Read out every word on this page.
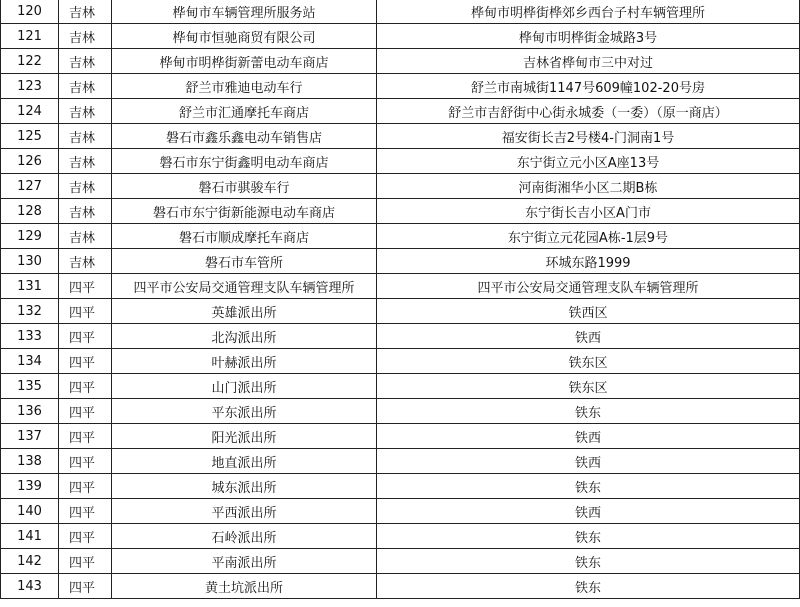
120	吉林	桦甸市车辆管理所服务站	桦甸市明桦街桦郊乡西台子村车辆管理所
121	吉林	桦甸市恒驰商贸有限公司	桦甸市明桦街金城路3号
122	吉林	桦甸市明桦街新蕾电动车商店	吉林省桦甸市三中对过
123	吉林	舒兰市雅迪电动车行	舒兰市南城街1147号609幢102-20号房
124	吉林	舒兰市汇通摩托车商店	舒兰市吉舒街中心街永城委（一委）（原一商店）
125	吉林	磐石市鑫乐鑫电动车销售店	福安街长吉2号楼4-门洞南1号
126	吉林	磐石市东宁街鑫明电动车商店	东宁街立元小区A座13号
127	吉林	磐石市骐骏车行	河南街湘华小区二期B栋
128	吉林	磐石市东宁街新能源电动车商店	东宁街长吉小区A门市
129	吉林	磐石市顺成摩托车商店	东宁街立元花园A栋-1层9号
130	吉林	磐石市车管所	环城东路1999
131	四平	四平市公安局交通管理支队车辆管理所	四平市公安局交通管理支队车辆管理所
132	四平	英雄派出所	铁西区
133	四平	北沟派出所	铁西
134	四平	叶赫派出所	铁东区
135	四平	山门派出所	铁东区
136	四平	平东派出所	铁东
137	四平	阳光派出所	铁西
138	四平	地直派出所	铁西
139	四平	城东派出所	铁东
140	四平	平西派出所	铁西
141	四平	石岭派出所	铁东
142	四平	平南派出所	铁东
143	四平	黄土坑派出所	铁东
